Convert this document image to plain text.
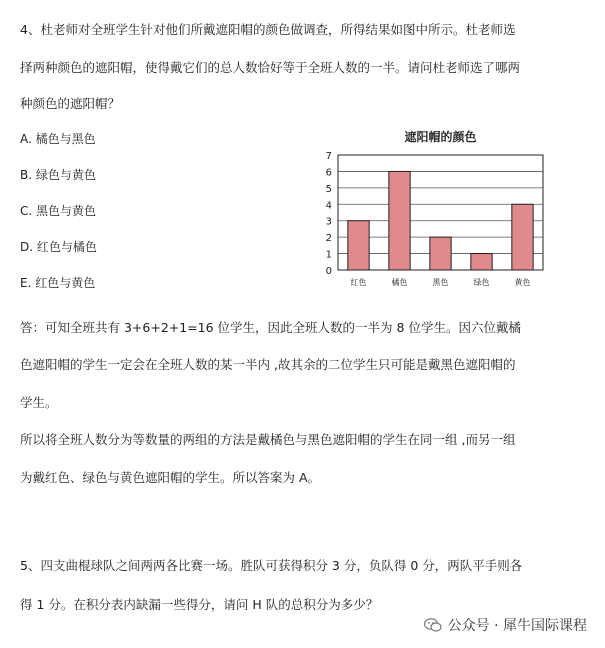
4、杜老师对全班学生针对他们所戴遮阳帽的颜色做调查，所得结果如图中所示。杜老师选
择两种颜色的遮阳帽，使得戴它们的总人数恰好等于全班人数的一半。请问杜老师选了哪两
种颜色的遮阳帽？
A. 橘色与黑色
B. 绿色与黄色
C. 黑色与黄色
D. 红色与橘色
E. 红色与黄色
遮阳帽的颜色
0
1
2
3
4
5
6
7
红色	橘色	黑色	绿色	黄色
答：可知全班共有 3+6+2+1=16 位学生，因此全班人数的一半为 8 位学生。因六位戴橘
色遮阳帽的学生一定会在全班人数的某一半内 ,故其余的二位学生只可能是戴黑色遮阳帽的
学生。
所以将全班人数分为等数量的两组的方法是戴橘色与黑色遮阳帽的学生在同一组 ,而另一组
为戴红色、绿色与黄色遮阳帽的学生。所以答案为 A。
5、四支曲棍球队之间两两各比赛一场。胜队可获得积分 3 分，负队得 0 分，两队平手则各
得 1 分。在积分表内缺漏一些得分，请问 H 队的总积分为多少？
公众号 · 犀牛国际课程
